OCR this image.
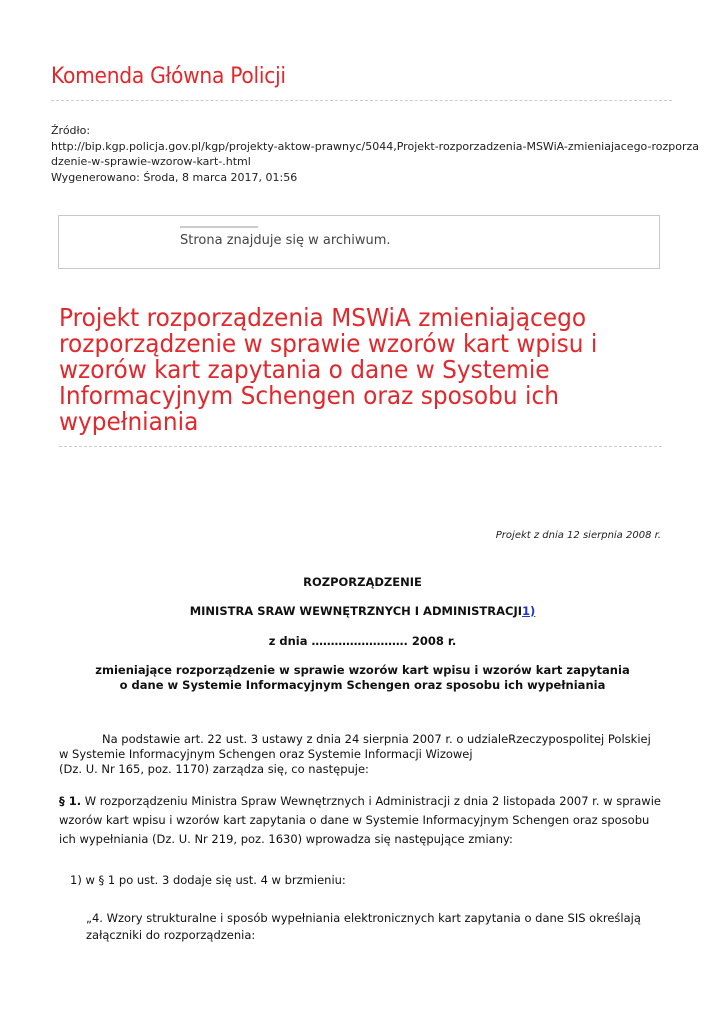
Komenda Główna Policji
Źródło:
http://bip.kgp.policja.gov.pl/kgp/projekty-aktow-prawnyc/5044,Projekt-rozporzadzenia-MSWiA-zmieniajacego-rozporza
dzenie-w-sprawie-wzorow-kart-.html
Wygenerowano: Środa, 8 marca 2017, 01:56
Strona znajduje się w archiwum.
Projekt rozporządzenia MSWiA zmieniającego rozporządzenie w sprawie wzorów kart wpisu i wzorów kart zapytania o dane w Systemie Informacyjnym Schengen oraz sposobu ich wypełniania
Projekt z dnia 12 sierpnia 2008 r.
ROZPORZĄDZENIE
MINISTRA SRAW WEWNĘTRZNYCH I ADMINISTRACJI1)
z dnia ……………………. 2008 r.
zmieniające rozporządzenie w sprawie wzorów kart wpisu i wzorów kart zapytania
o dane w Systemie Informacyjnym Schengen oraz sposobu ich wypełniania
Na podstawie art. 22 ust. 3 ustawy z dnia 24 sierpnia 2007 r. o udzialeRzeczypospolitej Polskiej
w Systemie Informacyjnym Schengen oraz Systemie Informacji Wizowej
(Dz. U. Nr 165, poz. 1170) zarządza się, co następuje:
§ 1. W rozporządzeniu Ministra Spraw Wewnętrznych i Administracji z dnia 2 listopada 2007 r. w sprawie
wzorów kart wpisu i wzorów kart zapytania o dane w Systemie Informacyjnym Schengen oraz sposobu
ich wypełniania (Dz. U. Nr 219, poz. 1630) wprowadza się następujące zmiany:
1) w § 1 po ust. 3 dodaje się ust. 4 w brzmieniu:
„4. Wzory strukturalne i sposób wypełniania elektronicznych kart zapytania o dane SIS określają
załączniki do rozporządzenia:
